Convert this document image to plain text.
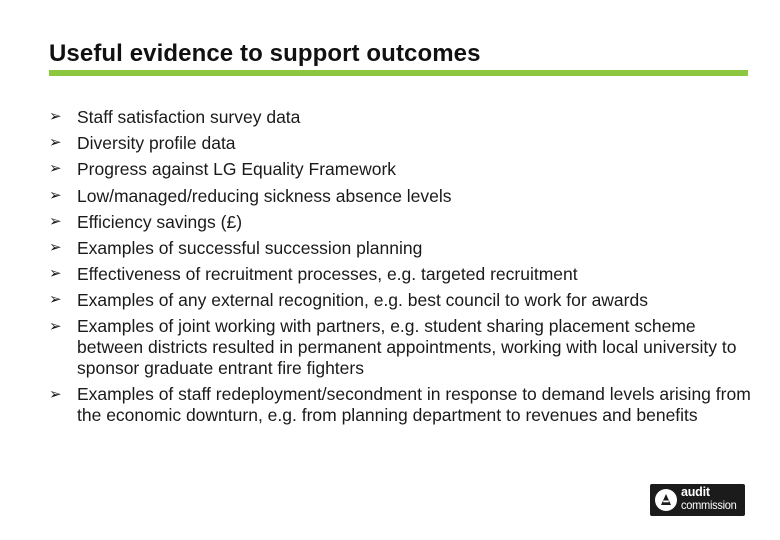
Useful evidence to support outcomes
➢ Staff satisfaction survey data
➢ Diversity profile data
➢ Progress against LG Equality Framework
➢ Low/managed/reducing sickness absence levels
➢ Efficiency savings (£)
➢ Examples of successful succession planning
➢ Effectiveness of recruitment processes, e.g. targeted recruitment
➢ Examples of any external recognition, e.g. best council to work for awards
➢ Examples of joint working with partners, e.g. student sharing placement scheme between districts resulted in permanent appointments, working with local university to sponsor graduate entrant fire fighters
➢ Examples of staff redeployment/secondment in response to demand levels arising from the economic downturn, e.g. from planning department to revenues and benefits
audit
commission
